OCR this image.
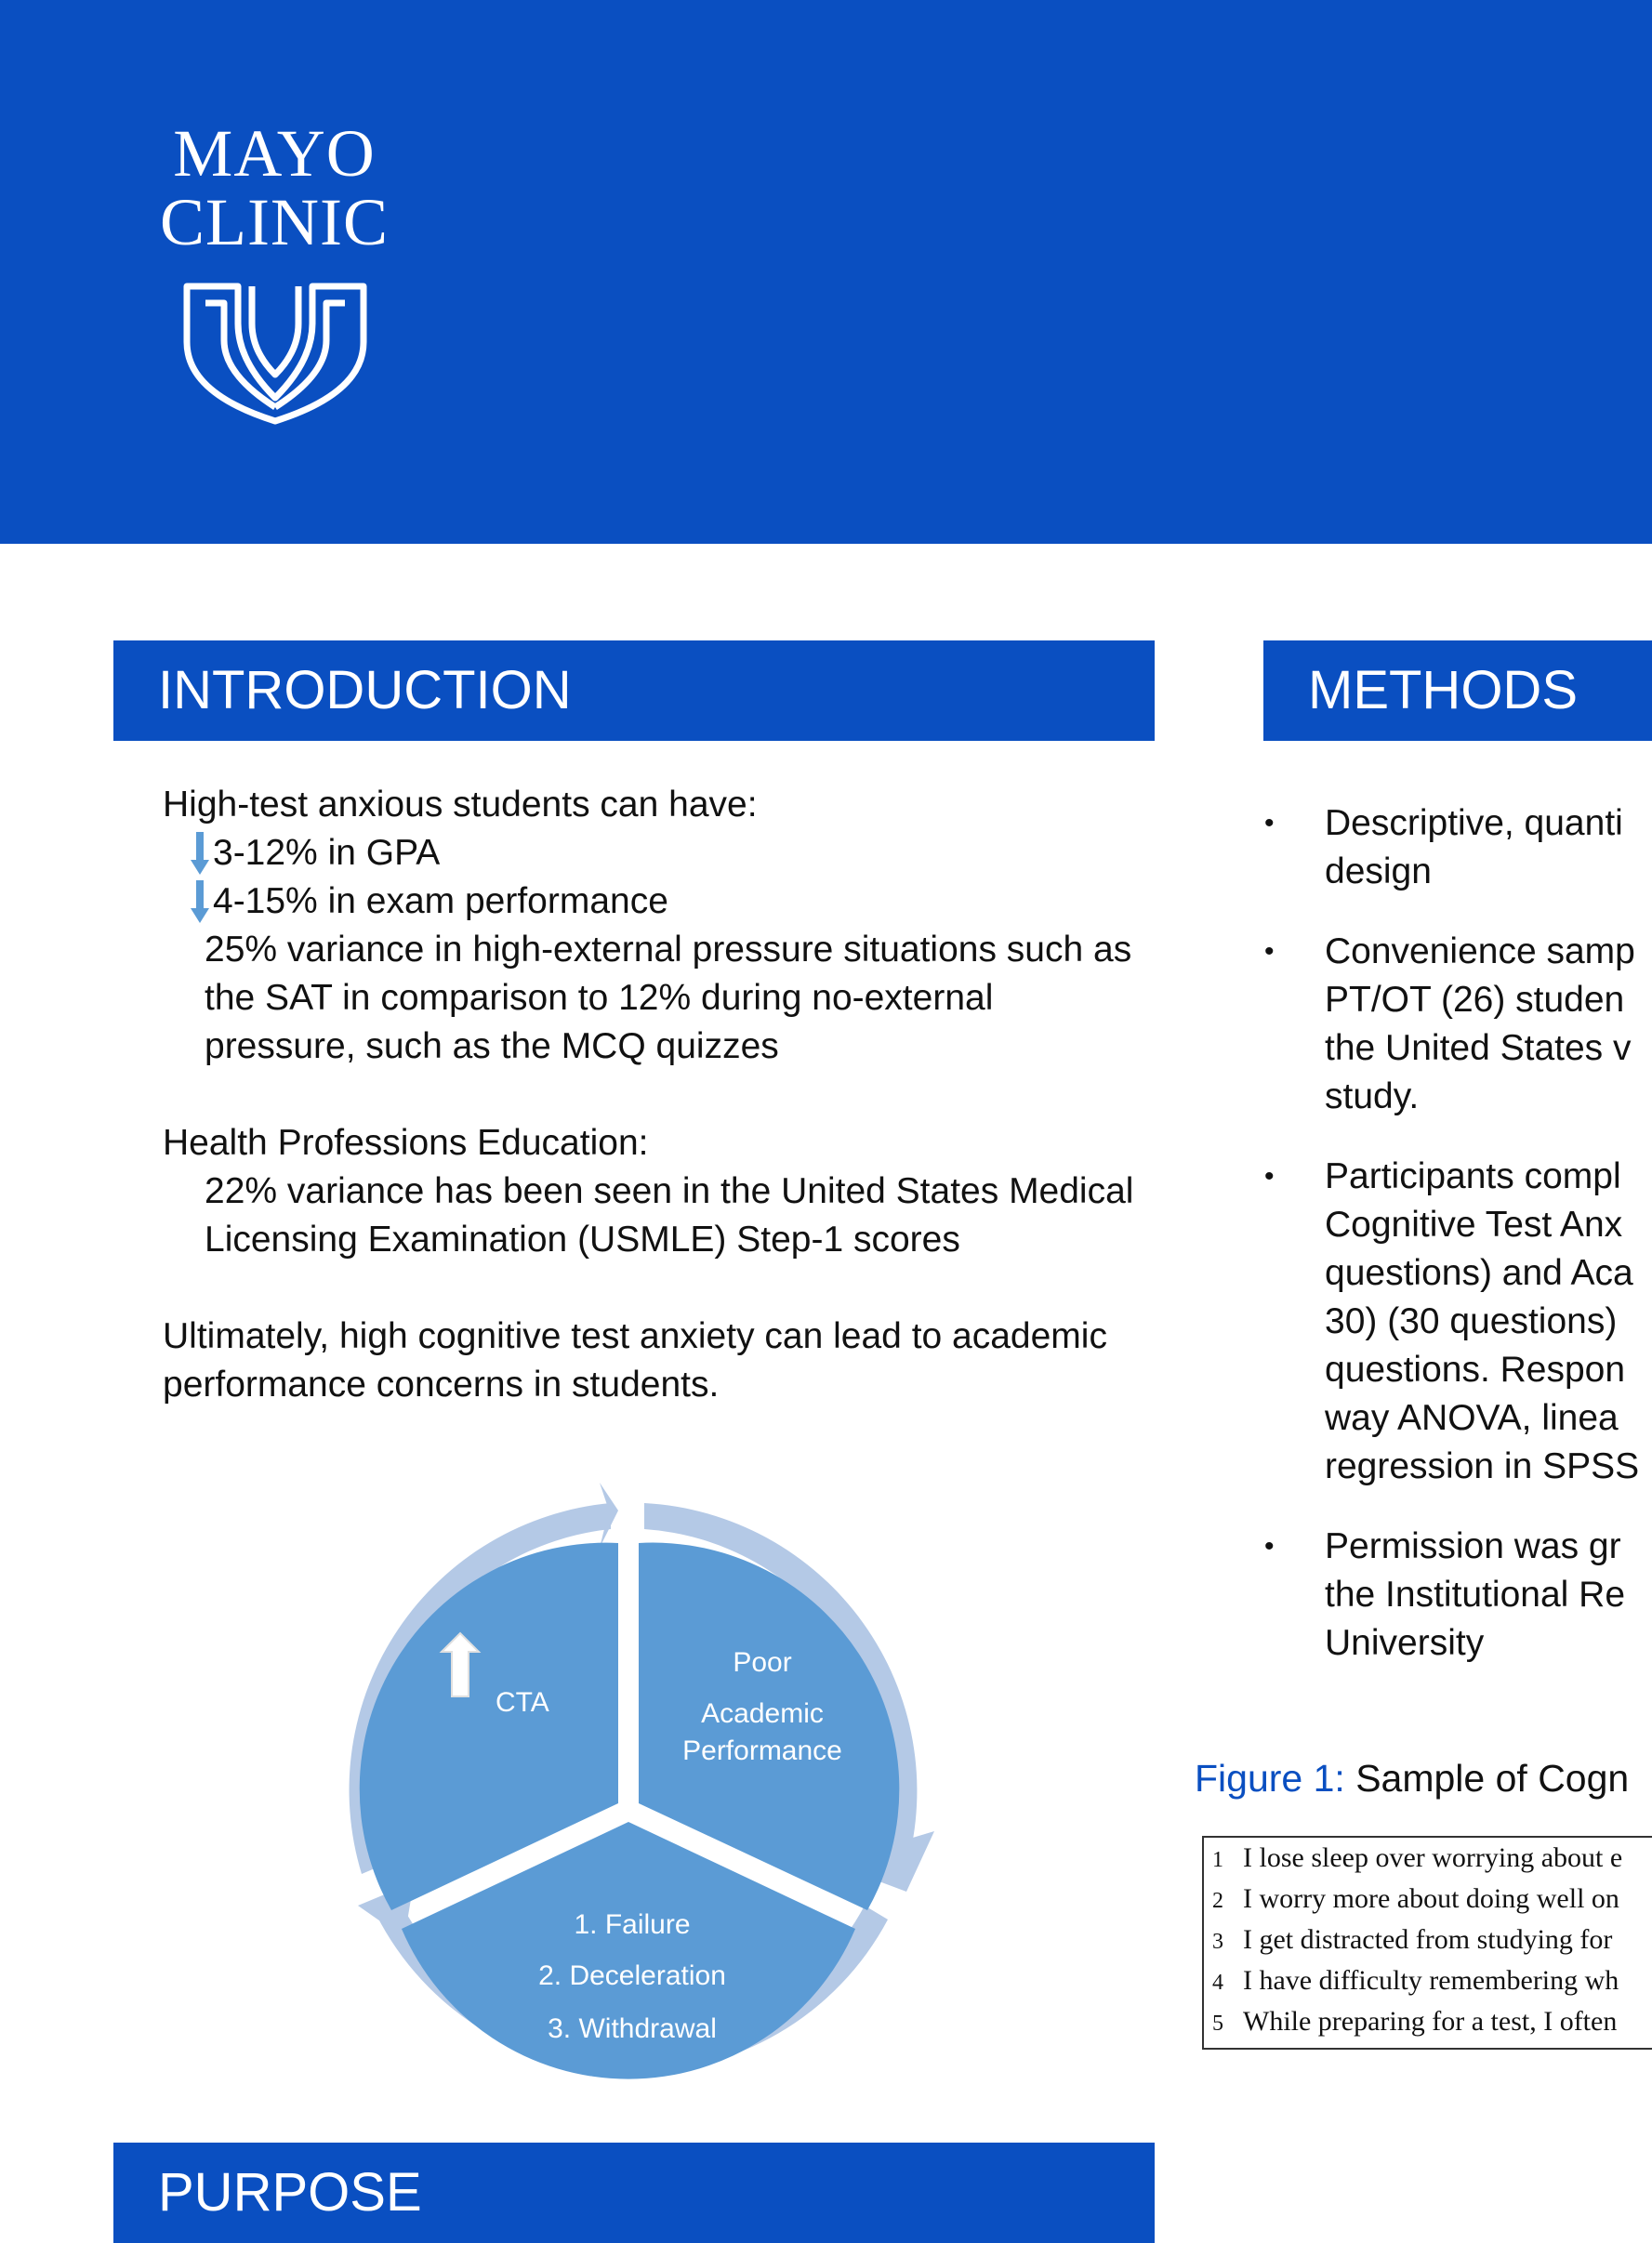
MAYO
CLINIC
INTRODUCTION	METHODS

High-test anxious students can have:

3-12% in GPA

4-15% in exam performance

25% variance in high-external pressure situations such as the SAT in comparison to 12% during no-external pressure, such as the MCQ quizzes

Health Professions Education:

22% variance has been seen in the United States Medical Licensing Examination (USMLE) Step-1 scores

Ultimately, high cognitive test anxiety can lead to academic performance concerns in students.

CTA
Poor
Academic
Performance
1. Failure
2. Deceleration
3. Withdrawal
• Descriptive, quanti
design
• Convenience samp
PT/OT (26) studen
the United States v
study.
• Participants compl
Cognitive Test Anx
questions) and Aca
30) (30 questions)
questions. Respon
way ANOVA, linea
regression in SPSS
• Permission was gr
the Institutional Re
University
Figure 1: Sample of Cogn
1 I lose sleep over worrying about e
2 I worry more about doing well on
3 I get distracted from studying for
4 I have difficulty remembering wh
5 While preparing for a test, I often
PURPOSE
